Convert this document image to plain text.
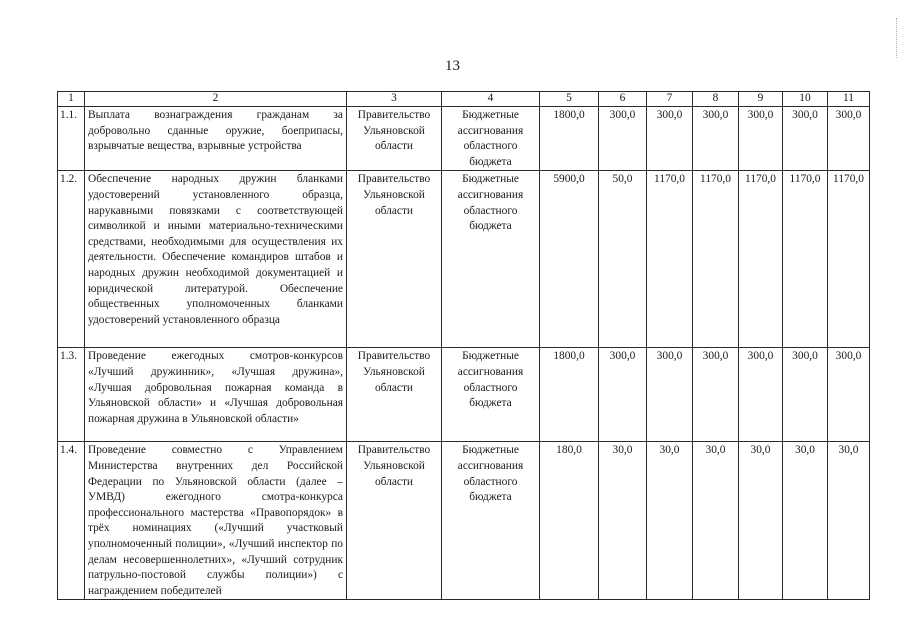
13
1	2	3	4	5	6	7	8	9	10	11
1.1.	Выплата вознаграждения гражданам за добровольно сданные оружие, боеприпасы, взрывчатые вещества, взрывные устройства	Правительство Ульяновской области	Бюджетные ассигнования областного бюджета	1800,0	300,0	300,0	300,0	300,0	300,0	300,0
1.2.	Обеспечение народных дружин бланками удостоверений установленного образца, нарукавными повязками с соответствующей символикой и иными материально-техническими средствами, необходимыми для осуществления их деятельности. Обеспечение командиров штабов и народных дружин необходимой документацией и юридической литературой. Обеспечение общественных уполномоченных бланками удостоверений установленного образца	Правительство Ульяновской области	Бюджетные ассигнования областного бюджета	5900,0	50,0	1170,0	1170,0	1170,0	1170,0	1170,0
1.3.	Проведение ежегодных смотров-конкурсов «Лучший дружинник», «Лучшая дружина», «Лучшая добровольная пожарная команда в Ульяновской области» и «Лучшая добровольная пожарная дружина в Ульяновской области»	Правительство Ульяновской области	Бюджетные ассигнования областного бюджета	1800,0	300,0	300,0	300,0	300,0	300,0	300,0
1.4.	Проведение совместно с Управлением Министерства внутренних дел Российской Федерации по Ульяновской области (далее – УМВД) ежегодного смотра-конкурса профессионального мастерства «Правопорядок» в трёх номинациях («Лучший участковый уполномоченный полиции», «Лучший инспектор по делам несовершеннолетних», «Лучший сотрудник патрульно-постовой службы полиции») с награждением победителей	Правительство Ульяновской области	Бюджетные ассигнования областного бюджета	180,0	30,0	30,0	30,0	30,0	30,0	30,0
